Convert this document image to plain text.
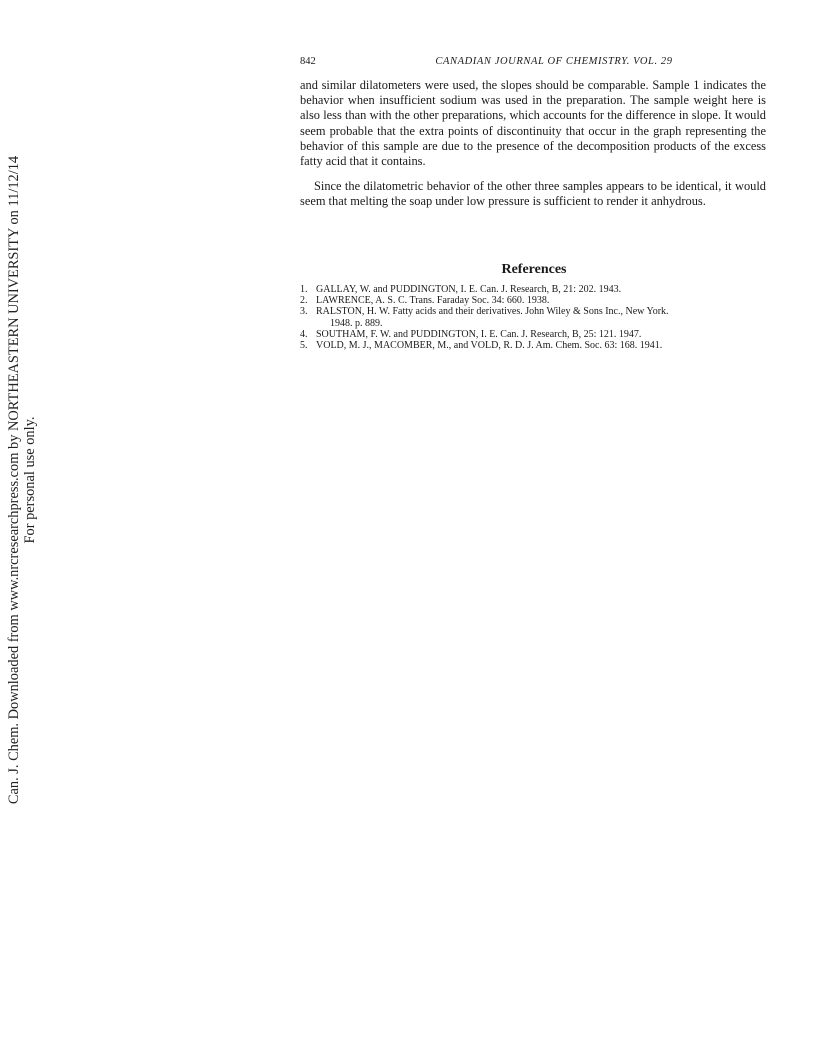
Can. J. Chem. Downloaded from www.nrcresearchpress.com by NORTHEASTERN UNIVERSITY on 11/12/14 For personal use only.
842	CANADIAN JOURNAL OF CHEMISTRY. VOL. 29

and similar dilatometers were used, the slopes should be comparable. Sample 1 indicates the behavior when insufficient sodium was used in the preparation. The sample weight here is also less than with the other preparations, which accounts for the difference in slope. It would seem probable that the extra points of discontinuity that occur in the graph representing the behavior of this sample are due to the presence of the decomposition products of the excess fatty acid that it contains.

Since the dilatometric behavior of the other three samples appears to be identical, it would seem that melting the soap under low pressure is sufficient to render it anhydrous.

References
1. GALLAY, W. and PUDDINGTON, I. E. Can. J. Research, B, 21: 202. 1943.
2. LAWRENCE, A. S. C. Trans. Faraday Soc. 34: 660. 1938.
3. RALSTON, H. W. Fatty acids and their derivatives. John Wiley & Sons Inc., New York.
1948. p. 889.
4. SOUTHAM, F. W. and PUDDINGTON, I. E. Can. J. Research, B, 25: 121. 1947.
5. VOLD, M. J., MACOMBER, M., and VOLD, R. D. J. Am. Chem. Soc. 63: 168. 1941.
